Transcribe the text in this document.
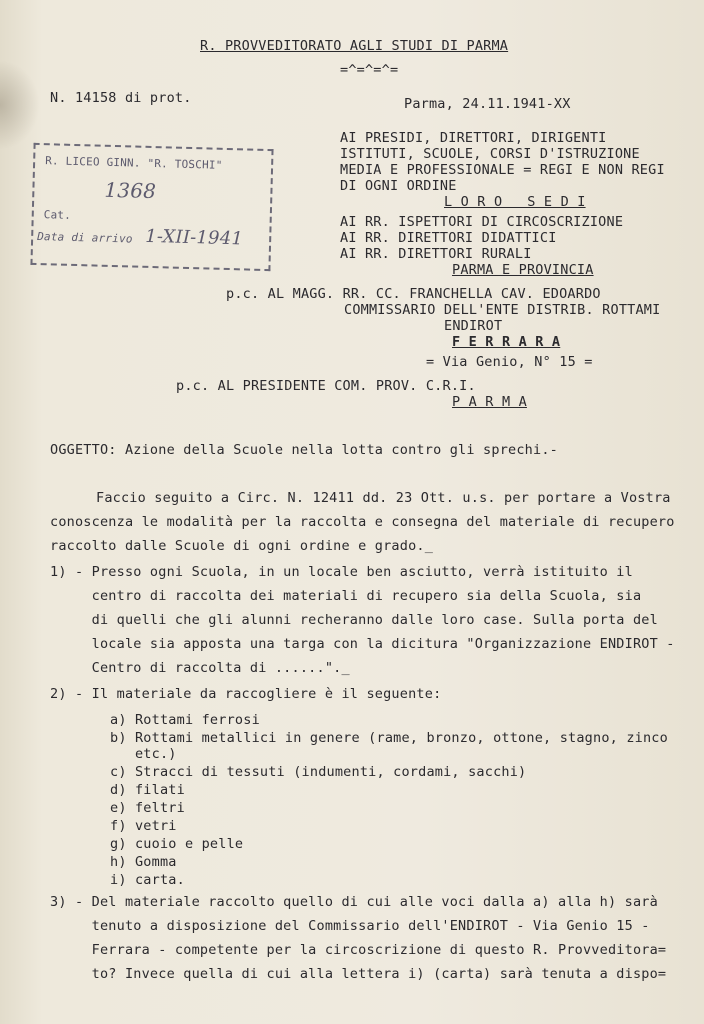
R. PROVVEDITORATO AGLI STUDI DI PARMA
=^=^=^=
N. 14158 di prot.	Parma, 24.11.1941-XX
R. LICEO GINN. "R. TOSCHI"
1368
Cat.
Data di arrivo 1-XII-1941
AI PRESIDI, DIRETTORI, DIRIGENTI
ISTITUTI, SCUOLE, CORSI D'ISTRUZIONE
MEDIA E PROFESSIONALE = REGI E NON REGI
DI OGNI ORDINE
L O R O   S E D I
AI RR. ISPETTORI DI CIRCOSCRIZIONE
AI RR. DIRETTORI DIDATTICI
AI RR. DIRETTORI RURALI
PARMA E PROVINCIA
p.c. AL MAGG. RR. CC. FRANCHELLA CAV. EDOARDO
COMMISSARIO DELL'ENTE DISTRIB. ROTTAMI
ENDIROT
F E R R A R A
= Via Genio, N° 15 =
p.c. AL PRESIDENTE COM. PROV. C.R.I.
P A R M A
OGGETTO: Azione della Scuole nella lotta contro gli sprechi.-
Faccio seguito a Circ. N. 12411 dd. 23 Ott. u.s. per portare a Vostra
conoscenza le modalità per la raccolta e consegna del materiale di recupero
raccolto dalle Scuole di ogni ordine e grado._
1) - Presso ogni Scuola, in un locale ben asciutto, verrà istituito il
centro di raccolta dei materiali di recupero sia della Scuola, sia
di quelli che gli alunni recheranno dalle loro case. Sulla porta del
locale sia apposta una targa con la dicitura "Organizzazione ENDIROT -
Centro di raccolta di ......"._
2) - Il materiale da raccogliere è il seguente:
a) Rottami ferrosi
b) Rottami metallici in genere (rame, bronzo, ottone, stagno, zinco
etc.)
c) Stracci di tessuti (indumenti, cordami, sacchi)
d) filati
e) feltri
f) vetri
g) cuoio e pelle
h) Gomma
i) carta.
3) - Del materiale raccolto quello di cui alle voci dalla a) alla h) sarà
tenuto a disposizione del Commissario dell'ENDIROT - Via Genio 15 -
Ferrara - competente per la circoscrizione di questo R. Provveditora=
to? Invece quella di cui alla lettera i) (carta) sarà tenuta a dispo=
